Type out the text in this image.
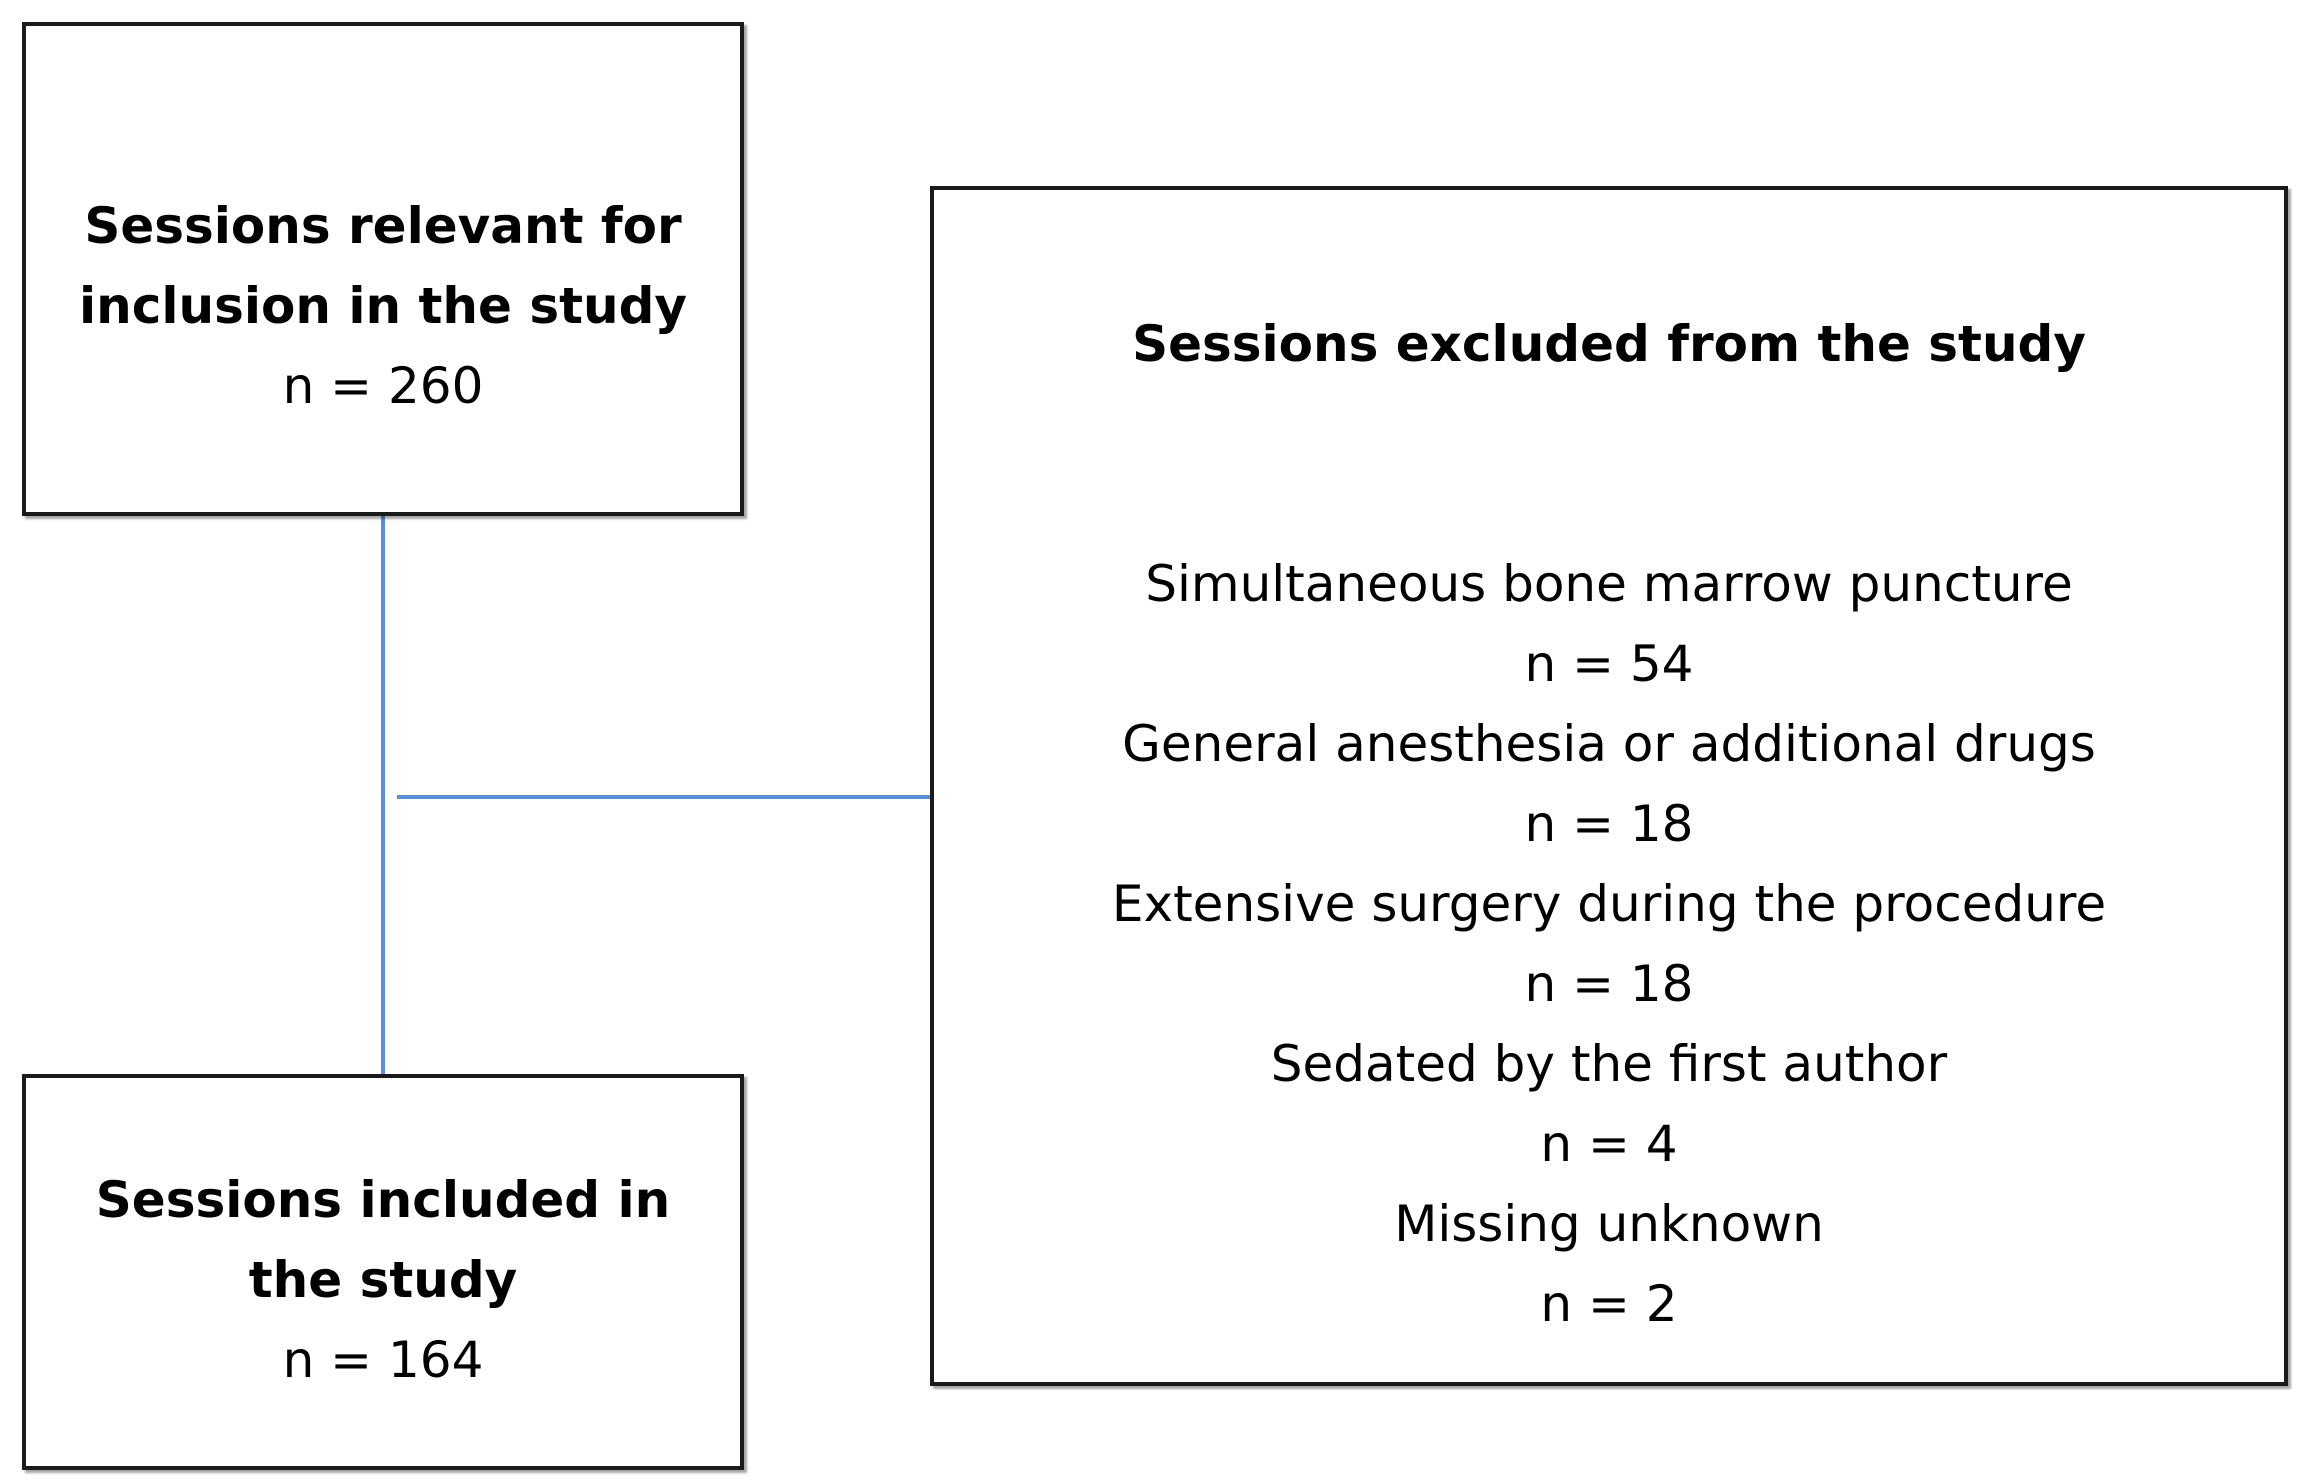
Sessions relevant for
inclusion in the study
n = 260
Sessions included in
the study
n = 164
Sessions excluded from the study
Simultaneous bone marrow puncture
n = 54
General anesthesia or additional drugs
n = 18
Extensive surgery during the procedure
n = 18
Sedated by the first author
n = 4
Missing unknown
n = 2
